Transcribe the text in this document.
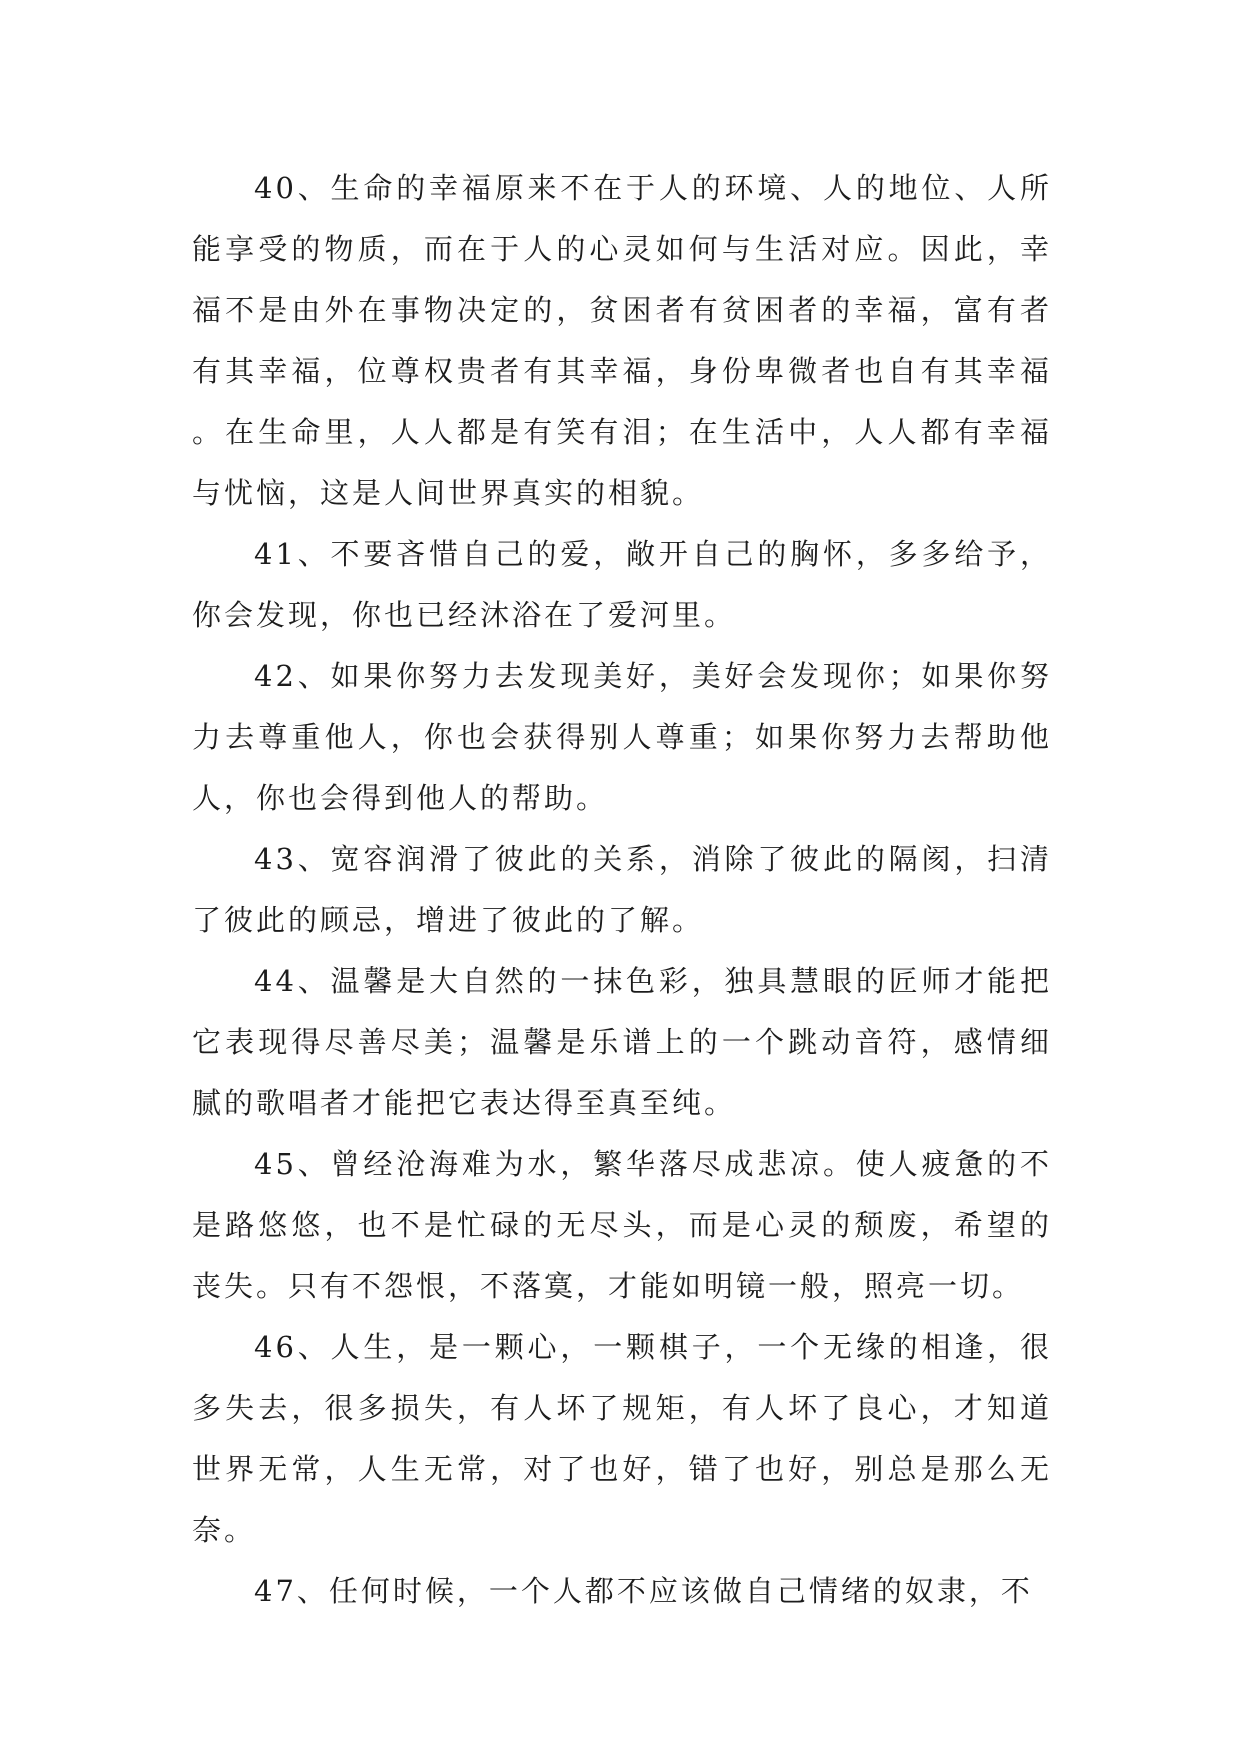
40、生命的幸福原来不在于人的环境、人的地位、人所能享受的物质，而在于人的心灵如何与生活对应。因此，幸福不是由外在事物决定的，贫困者有贫困者的幸福，富有者有其幸福，位尊权贵者有其幸福，身份卑微者也自有其幸福。在生命里，人人都是有笑有泪；在生活中，人人都有幸福与忧恼，这是人间世界真实的相貌。

41、不要吝惜自己的爱，敞开自己的胸怀，多多给予，你会发现，你也已经沐浴在了爱河里。

42、如果你努力去发现美好，美好会发现你；如果你努力去尊重他人，你也会获得别人尊重；如果你努力去帮助他人，你也会得到他人的帮助。

43、宽容润滑了彼此的关系，消除了彼此的隔阂，扫清了彼此的顾忌，增进了彼此的了解。

44、温馨是大自然的一抹色彩，独具慧眼的匠师才能把它表现得尽善尽美；温馨是乐谱上的一个跳动音符，感情细腻的歌唱者才能把它表达得至真至纯。

45、曾经沧海难为水，繁华落尽成悲凉。使人疲惫的不是路悠悠，也不是忙碌的无尽头，而是心灵的颓废，希望的丧失。只有不怨恨，不落寞，才能如明镜一般，照亮一切。

46、人生，是一颗心，一颗棋子，一个无缘的相逢，很多失去，很多损失，有人坏了规矩，有人坏了良心，才知道世界无常，人生无常，对了也好，错了也好，别总是那么无奈。

47、任何时候，一个人都不应该做自己情绪的奴隶，不
